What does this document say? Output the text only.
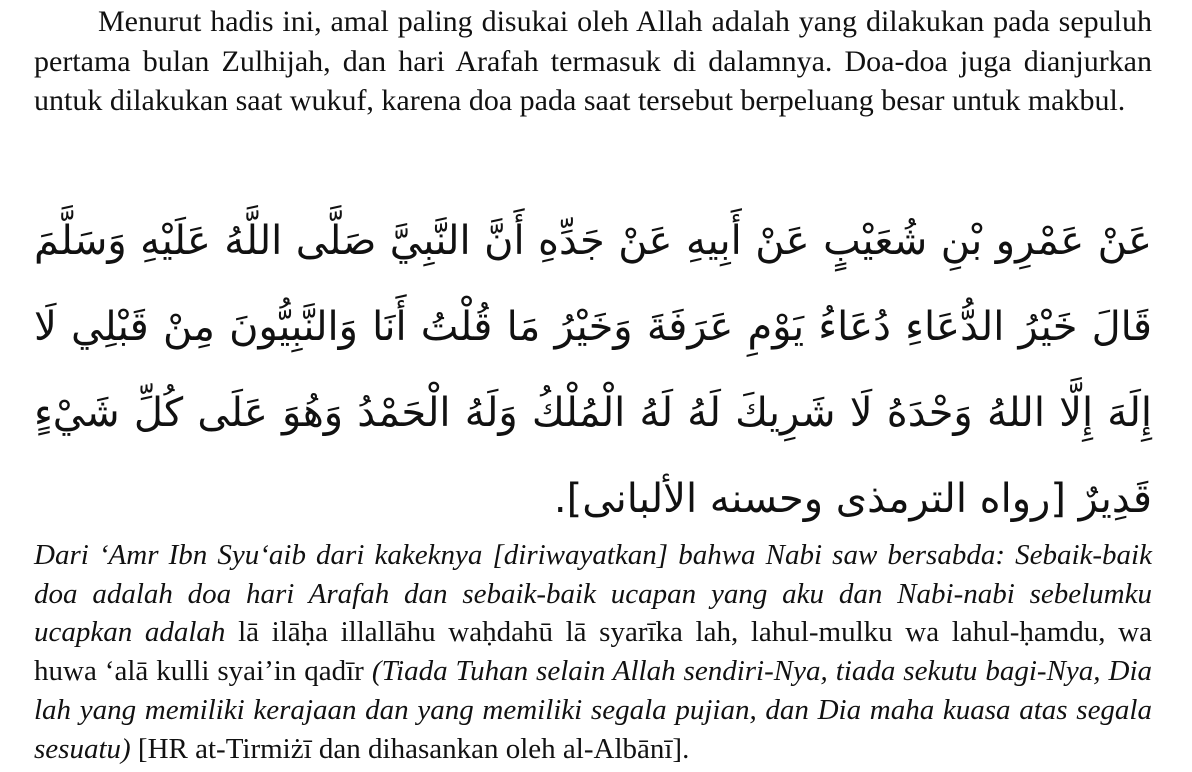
Menurut hadis ini, amal paling disukai oleh Allah adalah yang dilakukan pada sepuluh pertama bulan Zulhijah, dan hari Arafah termasuk di dalamnya. Doa-doa juga dianjurkan untuk dilakukan saat wukuf, karena doa pada saat tersebut berpeluang besar untuk makbul.

عَنْ عَمْرِو بْنِ شُعَيْبٍ عَنْ أَبِيهِ عَنْ جَدِّهِ أَنَّ النَّبِيَّ صَلَّى اللَّهُ عَلَيْهِ وَسَلَّمَ قَالَ خَيْرُ الدُّعَاءِ دُعَاءُ يَوْمِ عَرَفَةَ وَخَيْرُ مَا قُلْتُ أَنَا وَالنَّبِيُّونَ مِنْ قَبْلِي لَا إِلَهَ إِلَّا اللهُ وَحْدَهُ لَا شَرِيكَ لَهُ لَهُ الْمُلْكُ وَلَهُ الْحَمْدُ وَهُوَ عَلَى كُلِّ شَيْءٍ قَدِيرٌ [رواه الترمذى وحسنه الألبانى].

Dari ‘Amr Ibn Syu‘aib dari kakeknya [diriwayatkan] bahwa Nabi saw bersabda: Sebaik-baik doa adalah doa hari Arafah dan sebaik-baik ucapan yang aku dan Nabi-nabi sebelumku ucapkan adalah lā ilāḥa illallāhu waḥdahū lā syarīka lah, lahul-mulku wa lahul-ḥamdu, wa huwa ‘alā kulli syai’in qadīr (Tiada Tuhan selain Allah sendiri-Nya, tiada sekutu bagi-Nya, Dia lah yang memiliki kerajaan dan yang memiliki segala pujian, dan Dia maha kuasa atas segala sesuatu) [HR at-Tirmiżī dan dihasankan oleh al-Albānī].
